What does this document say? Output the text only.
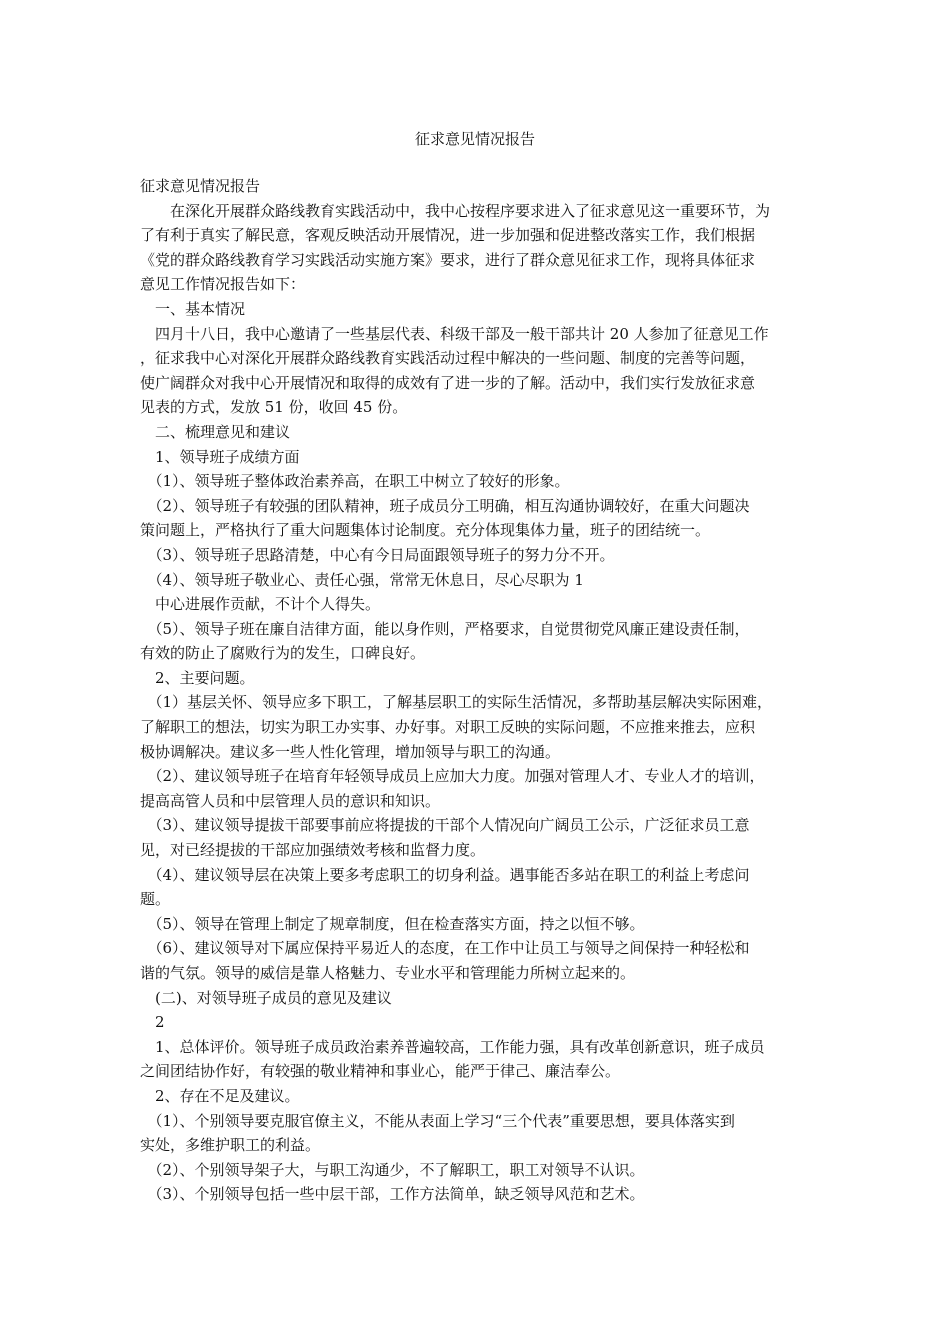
征求意见情况报告
征求意见情况报告
　　在深化开展群众路线教育实践活动中，我中心按程序要求进入了征求意见这一重要环节，为
了有利于真实了解民意，客观反映活动开展情况，进一步加强和促进整改落实工作，我们根据
《党的群众路线教育学习实践活动实施方案》要求，进行了群众意见征求工作，现将具体征求
意见工作情况报告如下：
　一、基本情况
　四月十八日，我中心邀请了一些基层代表、科级干部及一般干部共计 20 人参加了征意见工作
，征求我中心对深化开展群众路线教育实践活动过程中解决的一些问题、制度的完善等问题，
使广阔群众对我中心开展情况和取得的成效有了进一步的了解。活动中，我们实行发放征求意
见表的方式，发放 51 份，收回 45 份。
　二、梳理意见和建议
　1、领导班子成绩方面
　（1）、领导班子整体政治素养高，在职工中树立了较好的形象。
　（2）、领导班子有较强的团队精神，班子成员分工明确，相互沟通协调较好，在重大问题决
策问题上，严格执行了重大问题集体讨论制度。充分体现集体力量，班子的团结统一。
　（3）、领导班子思路清楚，中心有今日局面跟领导班子的努力分不开。
　（4）、领导班子敬业心、责任心强，常常无休息日，尽心尽职为 1
　中心进展作贡献，不计个人得失。
　（5）、领导子班在廉自洁律方面，能以身作则，严格要求，自觉贯彻党风廉正建设责任制，
有效的防止了腐败行为的发生，口碑良好。
　2、主要问题。
　（1）基层关怀、领导应多下职工，了解基层职工的实际生活情况，多帮助基层解决实际困难，
了解职工的想法，切实为职工办实事、办好事。对职工反映的实际问题，不应推来推去，应积
极协调解决。建议多一些人性化管理，增加领导与职工的沟通。
　（2）、建议领导班子在培育年轻领导成员上应加大力度。加强对管理人才、专业人才的培训，
提高高管人员和中层管理人员的意识和知识。
　（3）、建议领导提拔干部要事前应将提拔的干部个人情况向广阔员工公示，广泛征求员工意
见，对已经提拔的干部应加强绩效考核和监督力度。
　（4）、建议领导层在决策上要多考虑职工的切身利益。遇事能否多站在职工的利益上考虑问
题。
　（5）、领导在管理上制定了规章制度，但在检查落实方面，持之以恒不够。
　（6）、建议领导对下属应保持平易近人的态度，在工作中让员工与领导之间保持一种轻松和
谐的气氛。领导的威信是靠人格魅力、专业水平和管理能力所树立起来的。
　(二)、对领导班子成员的意见及建议
　2
　1、总体评价。领导班子成员政治素养普遍较高，工作能力强，具有改革创新意识，班子成员
之间团结协作好，有较强的敬业精神和事业心，能严于律己、廉洁奉公。
　2、存在不足及建议。
　（1）、个别领导要克服官僚主义，不能从表面上学习“三个代表”重要思想，要具体落实到
实处，多维护职工的利益。
　（2）、个别领导架子大，与职工沟通少，不了解职工，职工对领导不认识。
　（3）、个别领导包括一些中层干部，工作方法简单，缺乏领导风范和艺术。
